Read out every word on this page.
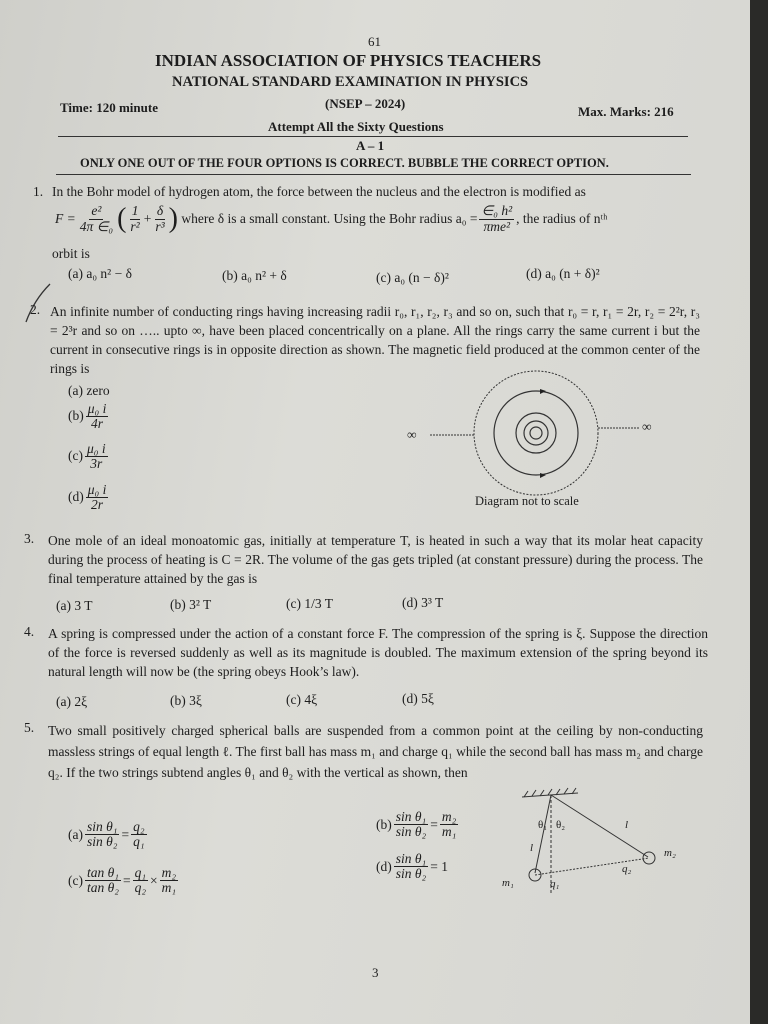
61
INDIAN ASSOCIATION OF PHYSICS TEACHERS
NATIONAL STANDARD EXAMINATION IN PHYSICS
(NSEP – 2024)
Time: 120 minute	Max. Marks: 216
Attempt All the Sixty Questions
A – 1
ONLY ONE OUT OF THE FOUR OPTIONS IS CORRECT. BUBBLE THE CORRECT OPTION.
1. In the Bohr model of hydrogen atom, the force between the nucleus and the electron is modified as
$F = \frac{\text{e²}}{\text{4π ∈₀}}$ ( $\frac{1}{\text{r²}} + \frac{\delta}{\text{r³}}$ )
where δ is a small constant. Using the Bohr radius $a_0 = \frac{\text{∈₀ h²}}{\text{πme²}}$ , the radius of nᵗʰ
orbit is
(a) a₀ n² − δ	(b) a₀ n² + δ	(c) a₀ (n − δ)²	(d) a₀ (n + δ)²
2. An infinite number of conducting rings having increasing radii r₀, r₁, r₂, r₃ and so on, such that r₀ = r, r₁ = 2r, r₂ = 2²r, r₃ = 2³r and so on ….. upto ∞, have been placed concentrically on a plane. All the rings carry the same current i but the current in consecutive rings is in opposite direction as shown. The magnetic field produced at the common center of the rings is

(a) zero
$(b) \frac{\text{μ₀ i}}{4r}$
$(c) \frac{\text{μ₀ i}}{3r}$
$(d) \frac{\text{μ₀ i}}{2r}$
∞
∞
Diagram not to scale
3. One mole of an ideal monoatomic gas, initially at temperature T, is heated in such a way that its molar heat capacity during the process of heating is C = 2R. The volume of the gas gets tripled (at constant pressure) during the process. The final temperature attained by the gas is

(a) 3 T	(b) 3² T	(c) 1/3 T	(d) 3³ T
4. A spring is compressed under the action of a constant force F. The compression of the spring is ξ. Suppose the direction of the force is reversed suddenly as well as its magnitude is doubled. The maximum extension of the spring beyond its natural length will now be (the spring obeys Hook’s law).

(a) 2ξ	(b) 3ξ	(c) 4ξ	(d) 5ξ
5. Two small positively charged spherical balls are suspended from a common point at the ceiling by non-conducting massless strings of equal length ℓ. The first ball has mass m₁ and charge q₁ while the second ball has mass m₂ and charge q₂. If the two strings subtend angles θ₁ and θ₂ with the vertical as shown, then

$(a) \frac{\text{sin θ₁}}{\text{sin θ₂}} = \frac{\text{q₂}}{\text{q₁}}$	$(b) \frac{\text{sin θ₁}}{\text{sin θ₂}} = \frac{\text{m₂}}{\text{m₁}}$
$(c) \frac{\text{tan θ₁}}{\text{tan θ₂}} = \frac{\text{q₁}}{\text{q₂}} \times \frac{\text{m₂}}{\text{m₁}}$	$(d) \frac{\text{sin θ₁}}{\text{sin θ₂}} = 1$
θ₁ θ₂
l
l
m₁	q₁
m₂
q₂
3
